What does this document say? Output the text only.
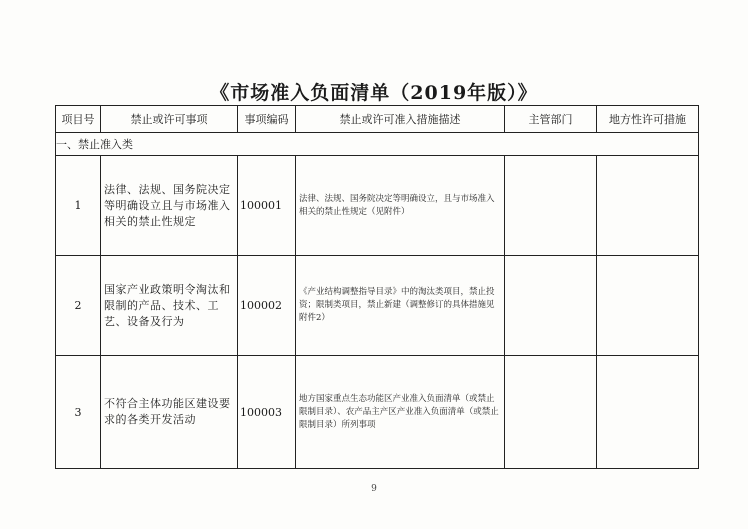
《市场准入负面清单（2019年版）》
项目号	禁止或许可事项	事项编码	禁止或许可准入措施描述	主管部门	地方性许可措施
一、禁止准入类					
1	法律、法规、国务院决定等明确设立且与市场准入相关的禁止性规定	100001	法律、法规、国务院决定等明确设立，且与市场准入相关的禁止性规定（见附件）		
2	国家产业政策明令淘汰和限制的产品、技术、工艺、设备及行为	100002	《产业结构调整指导目录》中的淘汰类项目，禁止投资；限制类项目，禁止新建（调整修订的具体措施见附件2）		
3	不符合主体功能区建设要求的各类开发活动	100003	地方国家重点生态功能区产业准入负面清单（或禁止限制目录）、农产品主产区产业准入负面清单（或禁止限制目录）所列事项		
9
